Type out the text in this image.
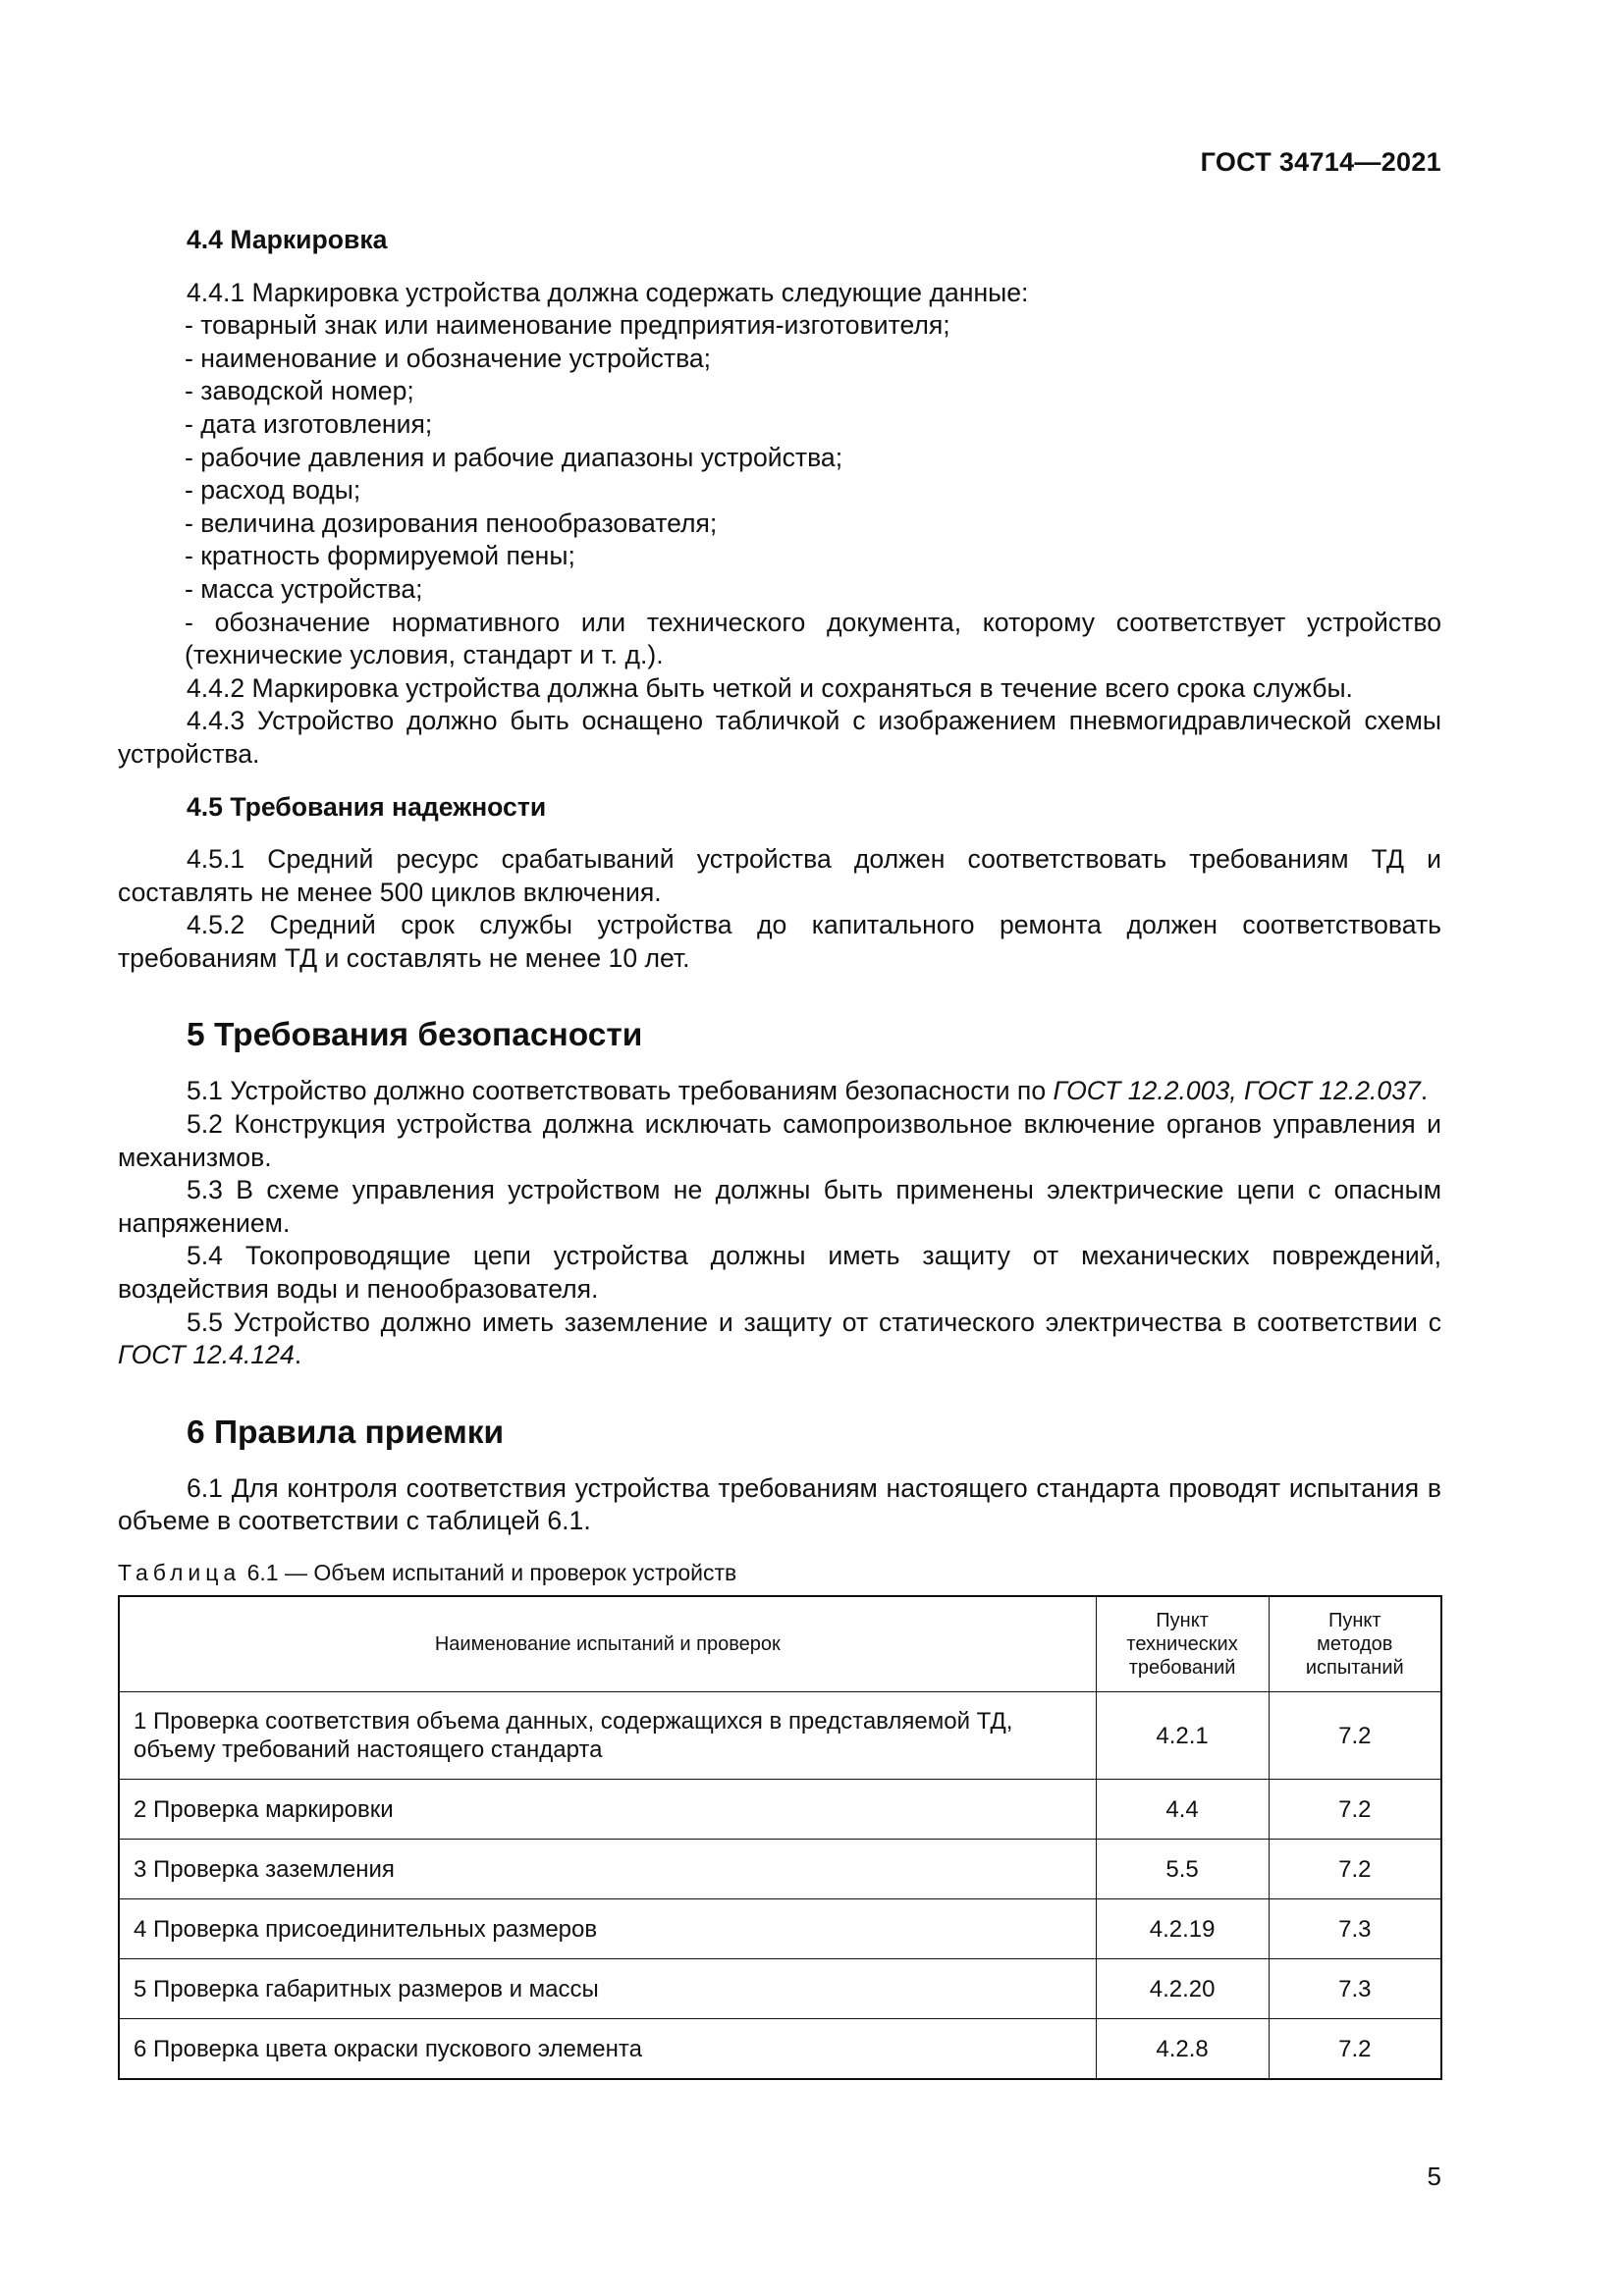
ГОСТ 34714—2021

4.4 Маркировка

4.4.1 Маркировка устройства должна содержать следующие данные:

- товарный знак или наименование предприятия-изготовителя;

- наименование и обозначение устройства;

- заводской номер;

- дата изготовления;

- рабочие давления и рабочие диапазоны устройства;

- расход воды;

- величина дозирования пенообразователя;

- кратность формируемой пены;

- масса устройства;

- обозначение нормативного или технического документа, которому соответствует устройство (технические условия, стандарт и т. д.).

4.4.2 Маркировка устройства должна быть четкой и сохраняться в течение всего срока службы.

4.4.3 Устройство должно быть оснащено табличкой с изображением пневмогидравлической схемы устройства.

4.5 Требования надежности

4.5.1 Средний ресурс срабатываний устройства должен соответствовать требованиям ТД и составлять не менее 500 циклов включения.

4.5.2 Средний срок службы устройства до капитального ремонта должен соответствовать требованиям ТД и составлять не менее 10 лет.

5 Требования безопасности

5.1 Устройство должно соответствовать требованиям безопасности по ГОСТ 12.2.003, ГОСТ 12.2.037.

5.2 Конструкция устройства должна исключать самопроизвольное включение органов управления и механизмов.

5.3 В схеме управления устройством не должны быть применены электрические цепи с опасным напряжением.

5.4 Токопроводящие цепи устройства должны иметь защиту от механических повреждений, воздействия воды и пенообразователя.

5.5 Устройство должно иметь заземление и защиту от статического электричества в соответствии с ГОСТ 12.4.124.

6 Правила приемки

6.1 Для контроля соответствия устройства требованиям настоящего стандарта проводят испытания в объеме в соответствии с таблицей 6.1.

Таблица 6.1 — Объем испытаний и проверок устройств

Наименование испытаний и проверок	Пункт технических требований	Пункт методов испытаний
1 Проверка соответствия объема данных, содержащихся в представляемой ТД, объему требований настоящего стандарта	4.2.1	7.2
2 Проверка маркировки	4.4	7.2
3 Проверка заземления	5.5	7.2
4 Проверка присоединительных размеров	4.2.19	7.3
5 Проверка габаритных размеров и массы	4.2.20	7.3
6 Проверка цвета окраски пускового элемента	4.2.8	7.2
5
